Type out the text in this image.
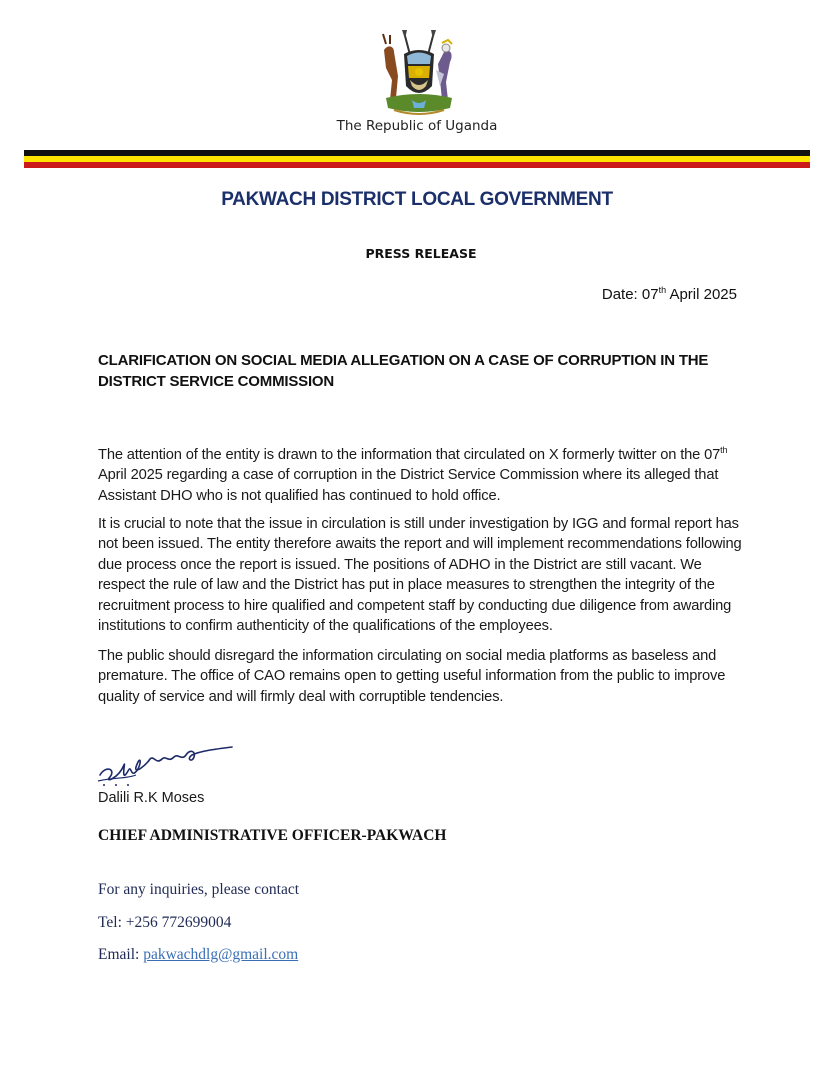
The Republic of Uganda
PAKWACH DISTRICT LOCAL GOVERNMENT
PRESS RELEASE
Date: 07th April 2025
CLARIFICATION ON SOCIAL MEDIA ALLEGATION ON A CASE OF CORRUPTION IN THE DISTRICT SERVICE COMMISSION
The attention of the entity is drawn to the information that circulated on X formerly twitter on the 07th April 2025 regarding a case of corruption in the District Service Commission where its alleged that Assistant DHO who is not qualified has continued to hold office.
It is crucial to note that the issue in circulation is still under investigation by IGG and formal report has not been issued. The entity therefore awaits the report and will implement recommendations following due process once the report is issued. The positions of ADHO in the District are still vacant. We respect the rule of law and the District has put in place measures to strengthen the integrity of the recruitment process to hire qualified and competent staff by conducting due diligence from awarding institutions to confirm authenticity of the qualifications of the employees.
The public should disregard the information circulating on social media platforms as baseless and premature. The office of CAO remains open to getting useful information from the public to improve quality of service and will firmly deal with corruptible tendencies.
Dalili R.K Moses
CHIEF ADMINISTRATIVE OFFICER-PAKWACH
For any inquiries, please contact
Tel: +256 772699004
Email: pakwachdlg@gmail.com
